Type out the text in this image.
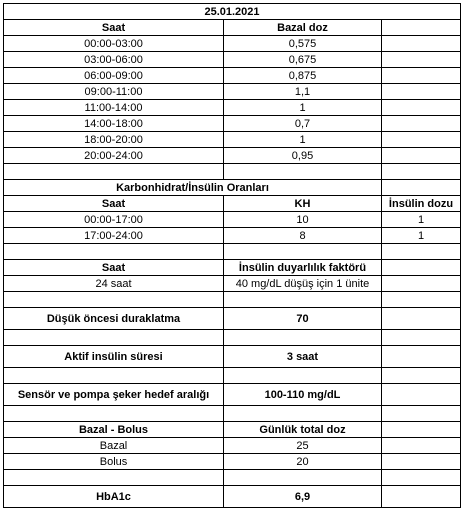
25.01.2021		
Saat	Bazal doz	
00:00-03:00	0,575	
03:00-06:00	0,675	
06:00-09:00	0,875	
09:00-11:00	1,1	
11:00-14:00	1	
14:00-18:00	0,7	
18:00-20:00	1	
20:00-24:00	0,95	

Karbonhidrat/İnsülin Oranları		
Saat	KH	İnsülin dozu
00:00-17:00	10	1
17:00-24:00	8	1

Saat	İnsülin duyarlılık faktörü	
24 saat	40 mg/dL düşüş için 1 ünite	

Düşük öncesi duraklatma	70	

Aktif insülin süresi	3 saat	

Sensör ve pompa şeker hedef aralığı	100-110 mg/dL	

Bazal - Bolus	Günlük total doz	
Bazal	25	
Bolus	20	

HbA1c	6,9	
